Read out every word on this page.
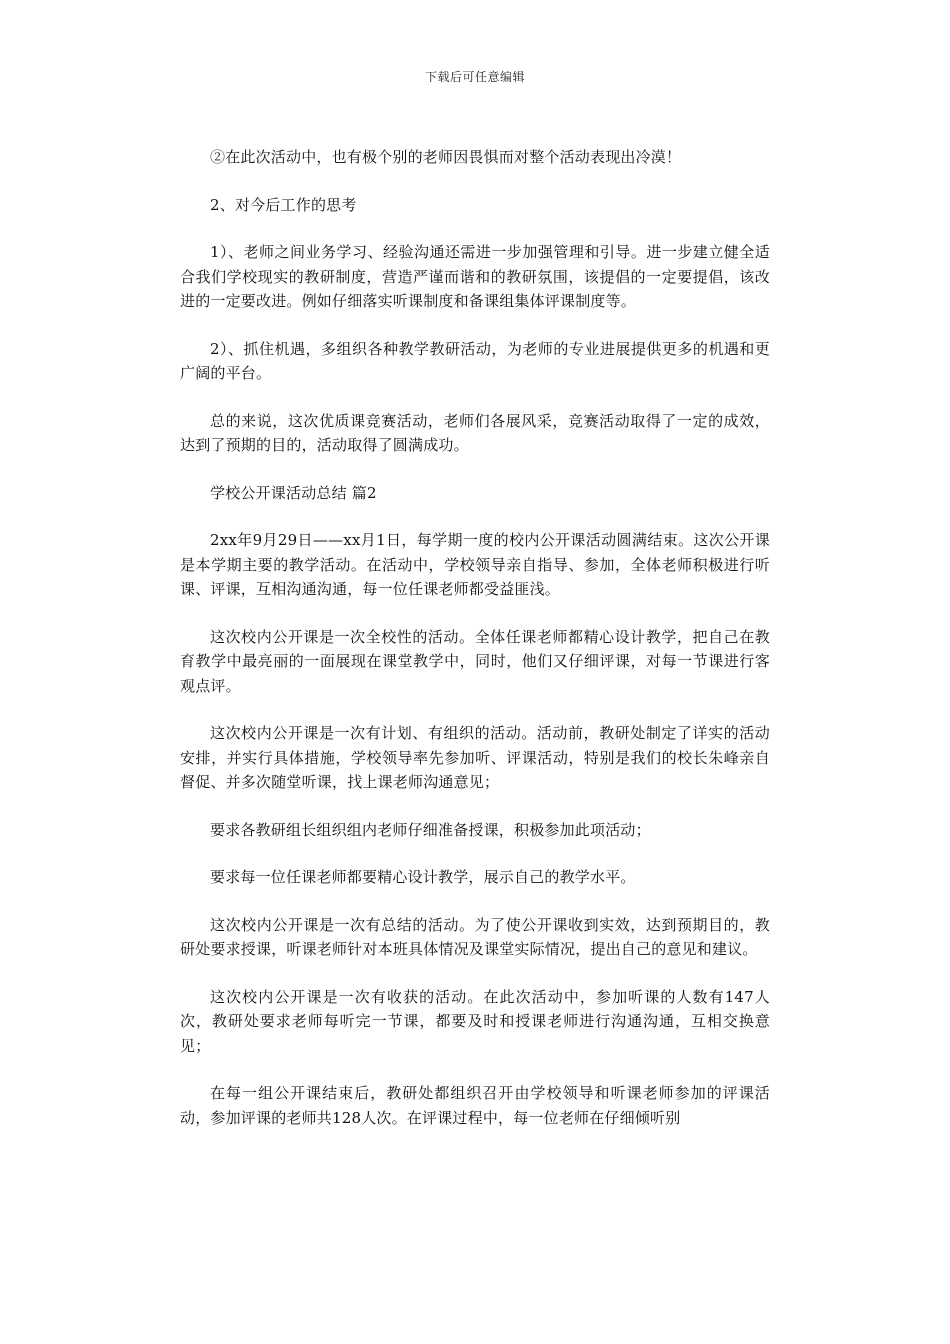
下载后可任意编辑

②在此次活动中，也有极个别的老师因畏惧而对整个活动表现出冷漠！

2、对今后工作的思考

1）、老师之间业务学习、经验沟通还需进一步加强管理和引导。进一步建立健全适合我们学校现实的教研制度，营造严谨而谐和的教研氛围，该提倡的一定要提倡，该改进的一定要改进。例如仔细落实听课制度和备课组集体评课制度等。

2）、抓住机遇，多组织各种教学教研活动，为老师的专业进展提供更多的机遇和更广阔的平台。

总的来说，这次优质课竞赛活动，老师们各展风采，竞赛活动取得了一定的成效，达到了预期的目的，活动取得了圆满成功。

学校公开课活动总结 篇2

2xx年9月29日——xx月1日，每学期一度的校内公开课活动圆满结束。这次公开课是本学期主要的教学活动。在活动中，学校领导亲自指导、参加，全体老师积极进行听课、评课，互相沟通沟通，每一位任课老师都受益匪浅。

这次校内公开课是一次全校性的活动。全体任课老师都精心设计教学，把自己在教育教学中最亮丽的一面展现在课堂教学中，同时，他们又仔细评课，对每一节课进行客观点评。

这次校内公开课是一次有计划、有组织的活动。活动前，教研处制定了详实的活动安排，并实行具体措施，学校领导率先参加听、评课活动，特别是我们的校长朱峰亲自督促、并多次随堂听课，找上课老师沟通意见；

要求各教研组长组织组内老师仔细准备授课，积极参加此项活动；

要求每一位任课老师都要精心设计教学，展示自己的教学水平。

这次校内公开课是一次有总结的活动。为了使公开课收到实效，达到预期目的，教研处要求授课，听课老师针对本班具体情况及课堂实际情况，提出自己的意见和建议。

这次校内公开课是一次有收获的活动。在此次活动中，参加听课的人数有147人次，教研处要求老师每听完一节课，都要及时和授课老师进行沟通沟通，互相交换意见；

在每一组公开课结束后，教研处都组织召开由学校领导和听课老师参加的评课活动，参加评课的老师共128人次。在评课过程中，每一位老师在仔细倾听别
